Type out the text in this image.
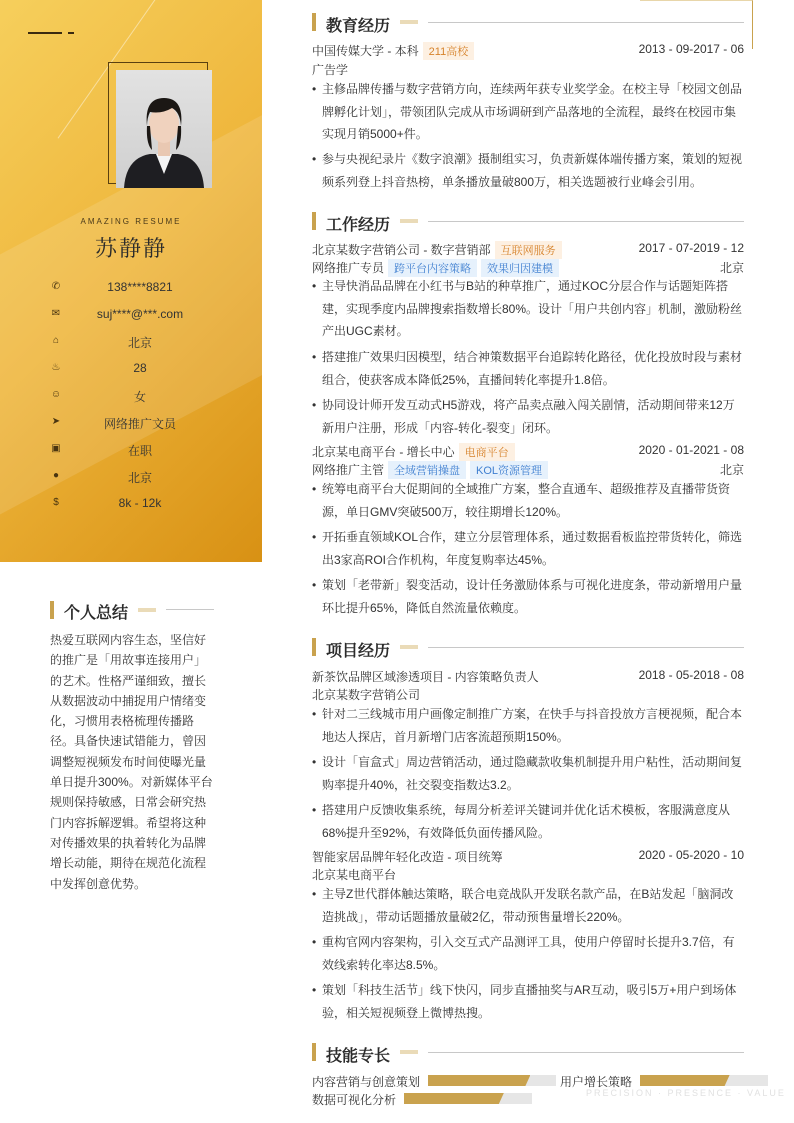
AMAZING RESUME
苏静静
✆	138****8821
✉	suj****@***.com
⌂	北京
♨	28
☺	女
➤	网络推广文员
▣	在职
●	北京
$	8k - 12k
个人总结
热爱互联网内容生态，坚信好的推广是「用故事连接用户」的艺术。性格严谨细致，擅长从数据波动中捕捉用户情绪变化，习惯用表格梳理传播路径。具备快速试错能力，曾因调整短视频发布时间使曝光量单日提升300%。对新媒体平台规则保持敏感，日常会研究热门内容拆解逻辑。希望将这种对传播效果的执着转化为品牌增长动能，期待在规范化流程中发挥创意优势。
教育经历
中国传媒大学 - 本科 211高校	2013 - 09-2017 - 06
广告学
• 主修品牌传播与数字营销方向，连续两年获专业奖学金。在校主导「校园文创品牌孵化计划」，带领团队完成从市场调研到产品落地的全流程，最终在校园市集实现月销5000+件。
• 参与央视纪录片《数字浪潮》摄制组实习，负责新媒体端传播方案，策划的短视频系列登上抖音热榜，单条播放量破800万，相关选题被行业峰会引用。
工作经历
北京某数字营销公司 - 数字营销部 互联网服务	2017 - 07-2019 - 12
网络推广专员 跨平台内容策略 效果归因建模	北京
• 主导快消品品牌在小红书与B站的种草推广，通过KOC分层合作与话题矩阵搭建，实现季度内品牌搜索指数增长80%。设计「用户共创内容」机制，激励粉丝产出UGC素材。
• 搭建推广效果归因模型，结合神策数据平台追踪转化路径，优化投放时段与素材组合，使获客成本降低25%，直播间转化率提升1.8倍。
• 协同设计师开发互动式H5游戏，将产品卖点融入闯关剧情，活动期间带来12万新用户注册，形成「内容-转化-裂变」闭环。
北京某电商平台 - 增长中心 电商平台	2020 - 01-2021 - 08
网络推广主管 全域营销操盘 KOL资源管理	北京
• 统筹电商平台大促期间的全域推广方案，整合直通车、超级推荐及直播带货资源，单日GMV突破500万，较往期增长120%。
• 开拓垂直领域KOL合作，建立分层管理体系，通过数据看板监控带货转化，筛选出3家高ROI合作机构，年度复购率达45%。
• 策划「老带新」裂变活动，设计任务激励体系与可视化进度条，带动新增用户量环比提升65%，降低自然流量依赖度。
项目经历
新茶饮品牌区域渗透项目 - 内容策略负责人	2018 - 05-2018 - 08
北京某数字营销公司
• 针对二三线城市用户画像定制推广方案，在快手与抖音投放方言梗视频，配合本地达人探店，首月新增门店客流超预期150%。
• 设计「盲盒式」周边营销活动，通过隐藏款收集机制提升用户粘性，活动期间复购率提升40%，社交裂变指数达3.2。
• 搭建用户反馈收集系统，每周分析差评关键词并优化话术模板，客服满意度从68%提升至92%，有效降低负面传播风险。
智能家居品牌年轻化改造 - 项目统筹	2020 - 05-2020 - 10
北京某电商平台
• 主导Z世代群体触达策略，联合电竞战队开发联名款产品，在B站发起「脑洞改造挑战」，带动话题播放量破2亿，带动预售量增长220%。
• 重构官网内容架构，引入交互式产品测评工具，使用户停留时长提升3.7倍，有效线索转化率达8.5%。
• 策划「科技生活节」线下快闪，同步直播抽奖与AR互动，吸引5万+用户到场体验，相关短视频登上微博热搜。
技能专长
内容营销与创意策划	用户增长策略
数据可视化分析	PRECISION · PRESENCE · VALUE
